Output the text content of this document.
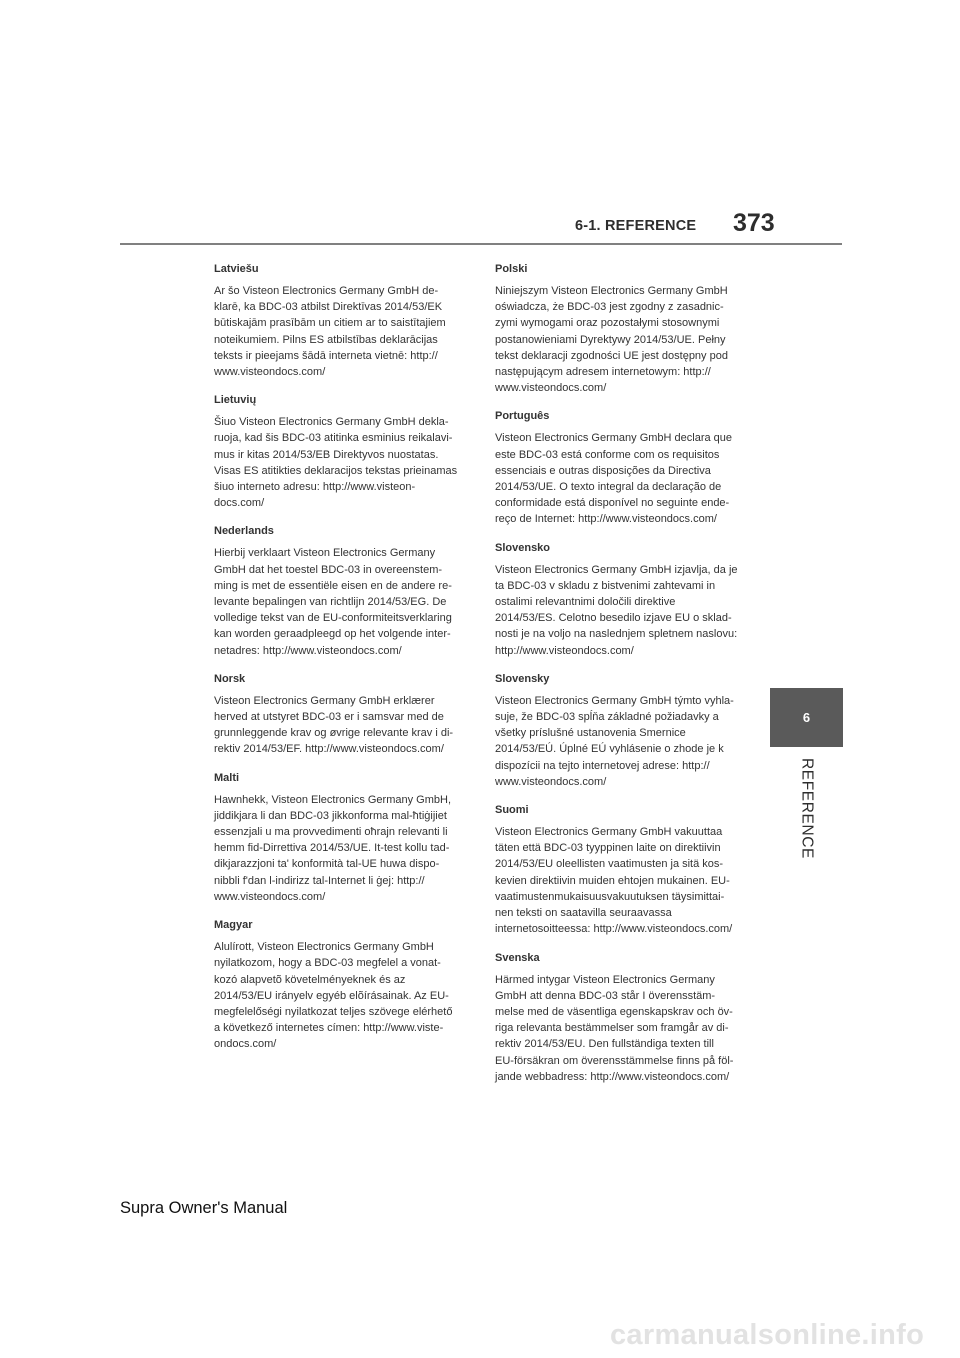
6-1. REFERENCE 373
6
REFERENCE
Latviešu
Ar šo Visteon Electronics Germany GmbH de-
klarē, ka BDC-03 atbilst Direktīvas 2014/53/EK
būtiskajām prasībām un citiem ar to saistītajiem
noteikumiem. Pilns ES atbilstības deklarācijas
teksts ir pieejams šādā interneta vietnē: http://
www.visteondocs.com/
Lietuvių
Šiuo Visteon Electronics Germany GmbH dekla-
ruoja, kad šis BDC-03 atitinka esminius reikalavi-
mus ir kitas 2014/53/EB Direktyvos nuostatas.
Visas ES atitikties deklaracijos tekstas prieinamas
šiuo interneto adresu: http://www.visteon-
docs.com/
Nederlands
Hierbij verklaart Visteon Electronics Germany
GmbH dat het toestel BDC-03 in overeenstem-
ming is met de essentiële eisen en de andere re-
levante bepalingen van richtlijn 2014/53/EG. De
volledige tekst van de EU-conformiteitsverklaring
kan worden geraadpleegd op het volgende inter-
netadres: http://www.visteondocs.com/
Norsk
Visteon Electronics Germany GmbH erklærer
herved at utstyret BDC-03 er i samsvar med de
grunnleggende krav og øvrige relevante krav i di-
rektiv 2014/53/EF. http://www.visteondocs.com/
Malti
Hawnhekk, Visteon Electronics Germany GmbH,
jiddikjara li dan BDC-03 jikkonforma mal-ħtiġijiet
essenzjali u ma provvedimenti oħrajn relevanti li
hemm fid-Dirrettiva 2014/53/UE. It-test kollu tad-
dikjarazzjoni ta' konformità tal-UE huwa dispo-
nibbli f'dan l-indirizz tal-Internet li ġej: http://
www.visteondocs.com/
Magyar
Alulírott, Visteon Electronics Germany GmbH
nyilatkozom, hogy a BDC-03 megfelel a vonat-
kozó alapvetõ követelményeknek és az
2014/53/EU irányelv egyéb elõírásainak. Az EU-
megfelelőségi nyilatkozat teljes szövege elérhető
a következő internetes címen: http://www.viste-
ondocs.com/
Polski
Niniejszym Visteon Electronics Germany GmbH
oświadcza, że BDC-03 jest zgodny z zasadnic-
zymi wymogami oraz pozostałymi stosownymi
postanowieniami Dyrektywy 2014/53/UE. Pełny
tekst deklaracji zgodności UE jest dostępny pod
następującym adresem internetowym: http://
www.visteondocs.com/
Português
Visteon Electronics Germany GmbH declara que
este BDC-03 está conforme com os requisitos
essenciais e outras disposições da Directiva
2014/53/UE. O texto integral da declaração de
conformidade está disponível no seguinte ende-
reço de Internet: http://www.visteondocs.com/
Slovensko
Visteon Electronics Germany GmbH izjavlja, da je
ta BDC-03 v skladu z bistvenimi zahtevami in
ostalimi relevantnimi določili direktive
2014/53/ES. Celotno besedilo izjave EU o sklad-
nosti je na voljo na naslednjem spletnem naslovu:
http://www.visteondocs.com/
Slovensky
Visteon Electronics Germany GmbH týmto vyhla-
suje, že BDC-03 spĺňa základné požiadavky a
všetky príslušné ustanovenia Smernice
2014/53/EÚ. Úplné EÚ vyhlásenie o zhode je k
dispozícii na tejto internetovej adrese: http://
www.visteondocs.com/
Suomi
Visteon Electronics Germany GmbH vakuuttaa
täten että BDC-03 tyyppinen laite on direktiivin
2014/53/EU oleellisten vaatimusten ja sitä kos-
kevien direktiivin muiden ehtojen mukainen. EU-
vaatimustenmukaisuusvakuutuksen täysimittai-
nen teksti on saatavilla seuraavassa
internetosoitteessa: http://www.visteondocs.com/
Svenska
Härmed intygar Visteon Electronics Germany
GmbH att denna BDC-03 står I överensstäm-
melse med de väsentliga egenskapskrav och öv-
riga relevanta bestämmelser som framgår av di-
rektiv 2014/53/EU. Den fullständiga texten till
EU-försäkran om överensstämmelse finns på föl-
jande webbadress: http://www.visteondocs.com/
Supra Owner's Manual
carmanualsonline.info
